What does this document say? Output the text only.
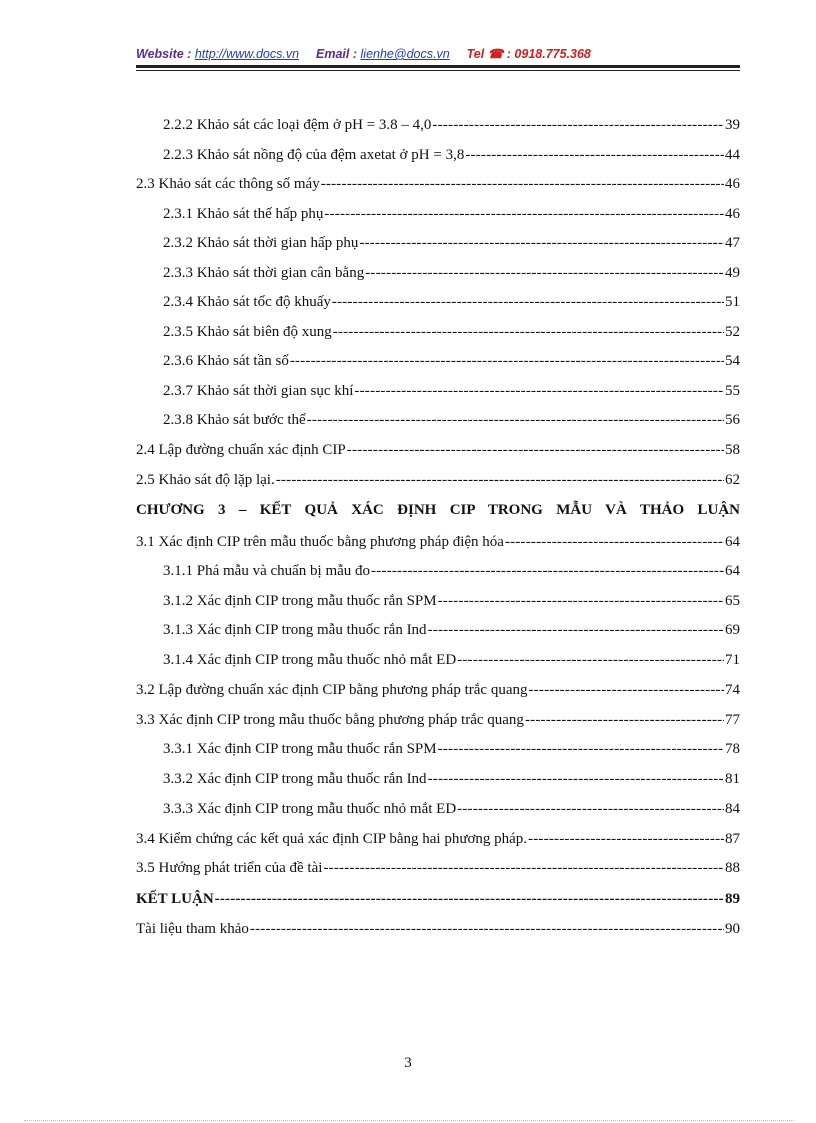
Website : http://www.docs.vn Email : lienhe@docs.vn Tel ☎ : 0918.775.368
2.2.2 Khảo sát các loại đệm ở pH = 3.8 – 4,0 -----	39
2.2.3 Khảo sát nồng độ của đệm axetat ở pH = 3,8 -----	44
2.3 Khảo sát các thông số máy -----	46
2.3.1 Khảo sát thế hấp phụ -----	46
2.3.2 Khảo sát thời gian hấp phụ -----	47
2.3.3 Khảo sát thời gian cân bằng -----	49
2.3.4 Khảo sát tốc độ khuấy -----	51
2.3.5 Khảo sát biên độ xung -----	52
2.3.6 Khảo sát tần số -----	54
2.3.7 Khảo sát thời gian sục khí -----	55
2.3.8 Khảo sát bước thế -----	56
2.4 Lập đường chuẩn xác định CIP -----	58
2.5 Khảo sát độ lặp lại. -----	62
CHƯƠNG 3 – KẾT QUẢ XÁC ĐỊNH CIP TRONG MẪU VÀ THẢO LUẬN
3.1 Xác định CIP trên mẫu thuốc bằng phương pháp điện hóa -----	64
3.1.1 Phá mẫu và chuẩn bị mẫu đo -----	64
3.1.2 Xác định CIP trong mẫu thuốc rắn SPM -----	65
3.1.3 Xác định CIP trong mẫu thuốc rắn Ind -----	69
3.1.4 Xác định CIP trong mẫu thuốc nhỏ mắt ED -----	71
3.2 Lập đường chuẩn xác định CIP bằng phương pháp trắc quang -----	74
3.3 Xác định CIP trong mẫu thuốc bằng phương pháp trắc quang -----	77
3.3.1 Xác định CIP trong mẫu thuốc rắn SPM -----	78
3.3.2 Xác định CIP trong mẫu thuốc rắn Ind -----	81
3.3.3 Xác định CIP trong mẫu thuốc nhỏ mắt ED -----	84
3.4 Kiểm chứng các kết quả xác định CIP bằng hai phương pháp. -----	87
3.5 Hướng phát triển của đề tài -----	88
KẾT LUẬN -----	89
Tài liệu tham khảo -----	90
3
